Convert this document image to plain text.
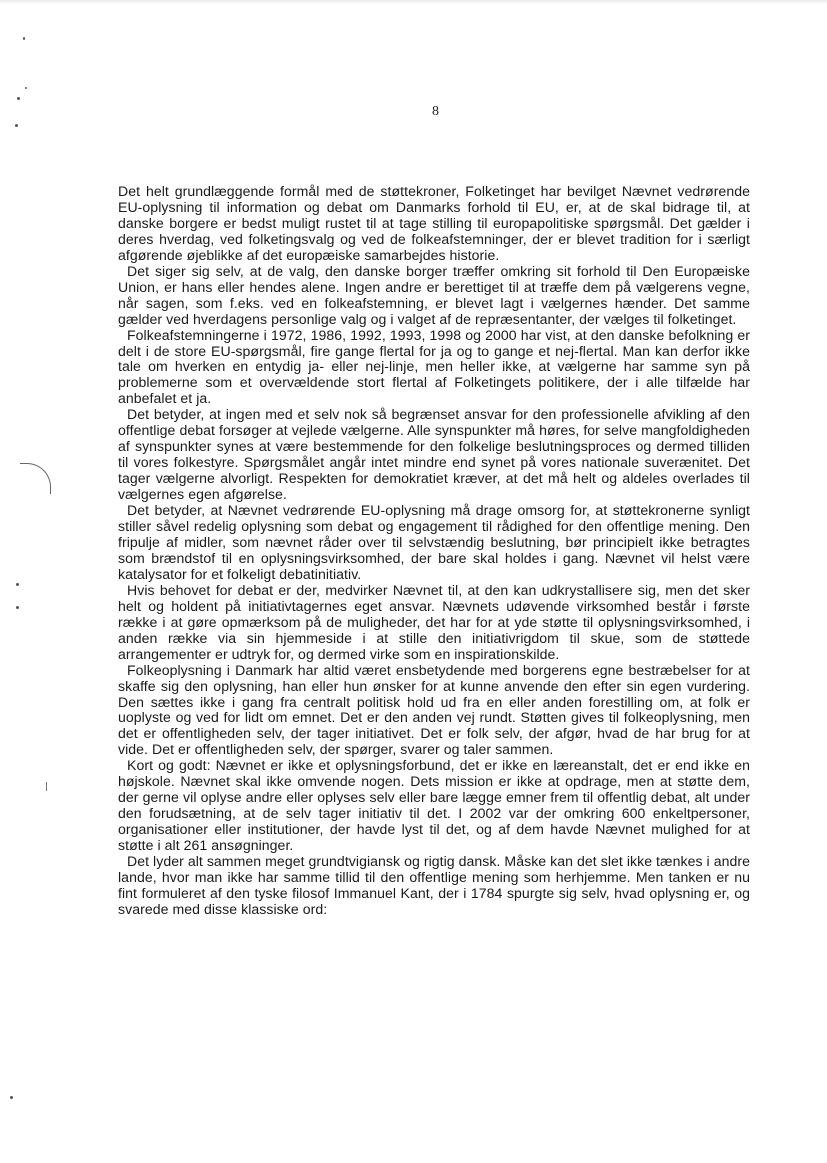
8

Det helt grundlæggende formål med de støttekroner, Folketinget har bevilget Nævnet vedrørende EU-oplysning til information og debat om Danmarks forhold til EU, er, at de skal bidrage til, at danske borgere er bedst muligt rustet til at tage stilling til europapolitiske spørgsmål. Det gælder i deres hverdag, ved folketingsvalg og ved de folkeafstemninger, der er blevet tradition for i særligt afgørende øjeblikke af det europæiske samarbejdes historie.

Det siger sig selv, at de valg, den danske borger træffer omkring sit forhold til Den Europæiske Union, er hans eller hendes alene. Ingen andre er berettiget til at træffe dem på vælgerens vegne, når sagen, som f.eks. ved en folkeafstemning, er blevet lagt i vælgernes hænder. Det samme gælder ved hverdagens personlige valg og i valget af de repræsentanter, der vælges til folketinget.

Folkeafstemningerne i 1972, 1986, 1992, 1993, 1998 og 2000 har vist, at den danske befolkning er delt i de store EU-spørgsmål, fire gange flertal for ja og to gange et nej-flertal. Man kan derfor ikke tale om hverken en entydig ja- eller nej-linje, men heller ikke, at vælgerne har samme syn på problemerne som et overvældende stort flertal af Folketingets politikere, der i alle tilfælde har anbefalet et ja.

Det betyder, at ingen med et selv nok så begrænset ansvar for den professionelle afvikling af den offentlige debat forsøger at vejlede vælgerne. Alle synspunkter må høres, for selve mangfoldigheden af synspunkter synes at være bestemmende for den folkelige beslutningsproces og dermed tilliden til vores folkestyre. Spørgsmålet angår intet mindre end synet på vores nationale suverænitet. Det tager vælgerne alvorligt. Respekten for demokratiet kræver, at det må helt og aldeles overlades til vælgernes egen afgørelse.

Det betyder, at Nævnet vedrørende EU-oplysning må drage omsorg for, at støttekronerne synligt stiller såvel redelig oplysning som debat og engagement til rådighed for den offentlige mening. Den fripulje af midler, som nævnet råder over til selvstændig beslutning, bør principielt ikke betragtes som brændstof til en oplysningsvirksomhed, der bare skal holdes i gang. Nævnet vil helst være katalysator for et folkeligt debatinitiativ.

Hvis behovet for debat er der, medvirker Nævnet til, at den kan udkrystallisere sig, men det sker helt og holdent på initiativtagernes eget ansvar. Nævnets udøvende virksomhed består i første række i at gøre opmærksom på de muligheder, det har for at yde støtte til oplysningsvirksomhed, i anden række via sin hjemmeside i at stille den initiativrigdom til skue, som de støttede arrangementer er udtryk for, og dermed virke som en inspirationskilde.

Folkeoplysning i Danmark har altid været ensbetydende med borgerens egne bestræbelser for at skaffe sig den oplysning, han eller hun ønsker for at kunne anvende den efter sin egen vurdering. Den sættes ikke i gang fra centralt politisk hold ud fra en eller anden forestilling om, at folk er uoplyste og ved for lidt om emnet. Det er den anden vej rundt. Støtten gives til folkeoplysning, men det er offentligheden selv, der tager initiativet. Det er folk selv, der afgør, hvad de har brug for at vide. Det er offentligheden selv, der spørger, svarer og taler sammen.

Kort og godt: Nævnet er ikke et oplysningsforbund, det er ikke en læreanstalt, det er end ikke en højskole. Nævnet skal ikke omvende nogen. Dets mission er ikke at opdrage, men at støtte dem, der gerne vil oplyse andre eller oplyses selv eller bare lægge emner frem til offentlig debat, alt under den forudsætning, at de selv tager initiativ til det. I 2002 var der omkring 600 enkeltpersoner, organisationer eller institutioner, der havde lyst til det, og af dem havde Nævnet mulighed for at støtte i alt 261 ansøgninger.

Det lyder alt sammen meget grundtvigiansk og rigtig dansk. Måske kan det slet ikke tænkes i andre lande, hvor man ikke har samme tillid til den offentlige mening som herhjemme. Men tanken er nu fint formuleret af den tyske filosof Immanuel Kant, der i 1784 spurgte sig selv, hvad oplysning er, og svarede med disse klassiske ord:
